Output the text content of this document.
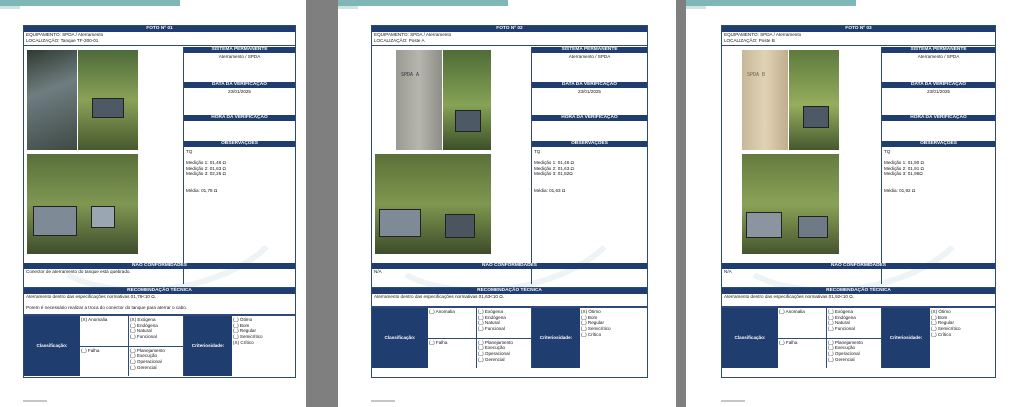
FOTO Nº 01
EQUIPAMENTO: SPDA / Aterramento
LOCALIZAÇÃO: Tanque TF-300-01
SISTEMA PERMANENTE
Aterramento / SPDA
DATA DA VERIFICAÇÃO
23/01/2025
HORA DA VERIFICAÇÃO
OBSERVAÇÕES
TQ

Medição 1: 01,46 Ω
Medição 2: 01,63 Ω
Medição 3: 02,26 Ω

Média: 01,78 Ω
NÃO CONFORMIDADES
Conector de aterramento do tanque está quebrado.
RECOMENDAÇÃO TÉCNICA
Aterramento dentro das especificações normativas 01,78<10 Ω.

Porem é necessário realizar a troca do conector do tanque para aterrar o cabo.
Classificação:
(X) Anomalia
(_) Falha
(X) Exógena
(_) Endógena
(_) Natural
(_) Funcional
(_) Planejamento
(_) Execução
(_) Operacional
(_) Gerencial
Criteriosidade:
(_) Ótimo
(_) Bom
(_) Regular
(_) Semicrítico
(X) Crítico
FOTO Nº 02
EQUIPAMENTO: SPDA / Aterramento
LOCALIZAÇÃO: Poste A
SPDA A
SISTEMA PERMANENTE
Aterramento / SPDA
DATA DA VERIFICAÇÃO
23/01/2025
HORA DA VERIFICAÇÃO
OBSERVAÇÕES
TQ

Medição 1: 01,46 Ω
Medição 2: 01,63 Ω
Medição 3: 01,82Ω

Média: 01,63 Ω
NÃO CONFORMIDADES
N/A
RECOMENDAÇÃO TÉCNICA
Aterramento dentro das especificações normativas 01,63<10 Ω.
Classificação:
(_) Anomalia
(_) Falha
(_) Exógena
(_) Endógena
(_) Natural
(_) Funcional
(_) Planejamento
(_) Execução
(_) Operacional
(_) Gerencial
Criteriosidade:
(X) Ótimo
(_) Bom
(_) Regular
(_) Semicrítico
(_) Crítico
FOTO Nº 03
EQUIPAMENTO: SPDA / Aterramento
LOCALIZAÇÃO: Poste B
SPDA B
SISTEMA PERMANENTE
Aterramento / SPDA
DATA DA VERIFICAÇÃO
23/01/2025
HORA DA VERIFICAÇÃO
OBSERVAÇÕES
TQ

Medição 1: 01,90 Ω
Medição 2: 01,91 Ω
Medição 3: 01,96Ω

Média: 01,92 Ω
NÃO CONFORMIDADES
N/A
RECOMENDAÇÃO TÉCNICA
Aterramento dentro das especificações normativas 01,92<10 Ω.
Classificação:
(_) Anomalia
(_) Falha
(_) Exógena
(_) Endógena
(_) Natural
(_) Funcional
(_) Planejamento
(_) Execução
(_) Operacional
(_) Gerencial
Criteriosidade:
(X) Ótimo
(_) Bom
(_) Regular
(_) Semicrítico
(_) Crítico
